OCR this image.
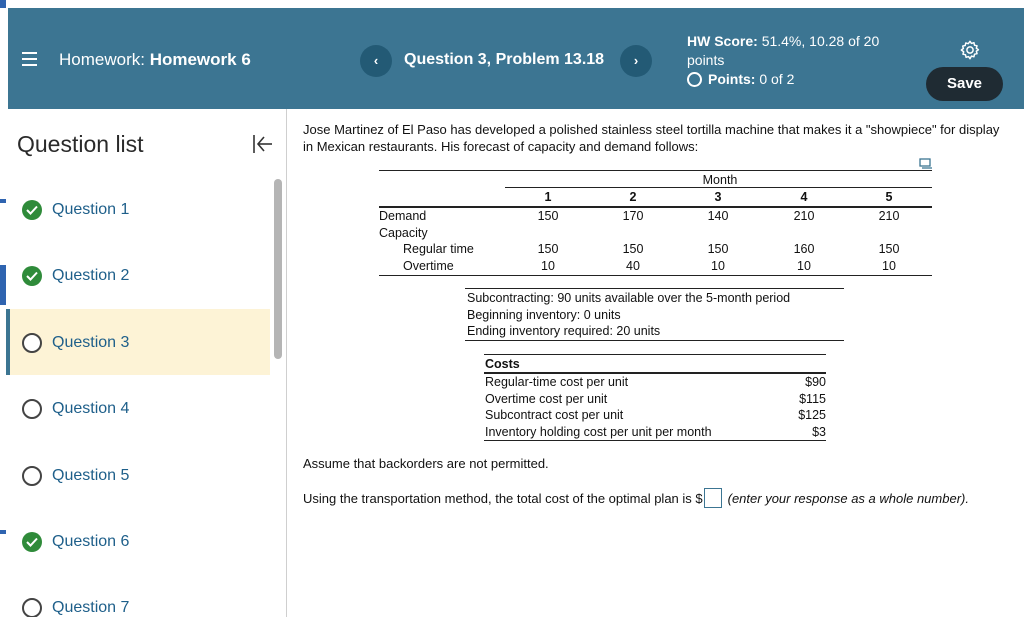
Homework: Homework 6	‹	Question 3, Problem 13.18	›
HW Score: 51.4%, 10.28 of 20
points
Points: 0 of 2	Save
Question list
Question 1
Question 2
Question 3
Question 4
Question 5
Question 6
Question 7
Jose Martinez of El Paso has developed a polished stainless steel tortilla machine that makes it a "showpiece" for display in Mexican restaurants. His forecast of capacity and demand follows:
Month
1	2	3	4	5
Demand	150	170	140	210	210
Capacity
Regular time	150	150	150	160	150
Overtime	10	40	10	10	10
Subcontracting: 90 units available over the 5-month period
Beginning inventory: 0 units
Ending inventory required: 20 units
Costs
Regular-time cost per unit	$90
Overtime cost per unit	$115
Subcontract cost per unit	$125
Inventory holding cost per unit per month	$3
Assume that backorders are not permitted.
Using the transportation method, the total cost of the optimal plan is $ (enter your response as a whole number).
